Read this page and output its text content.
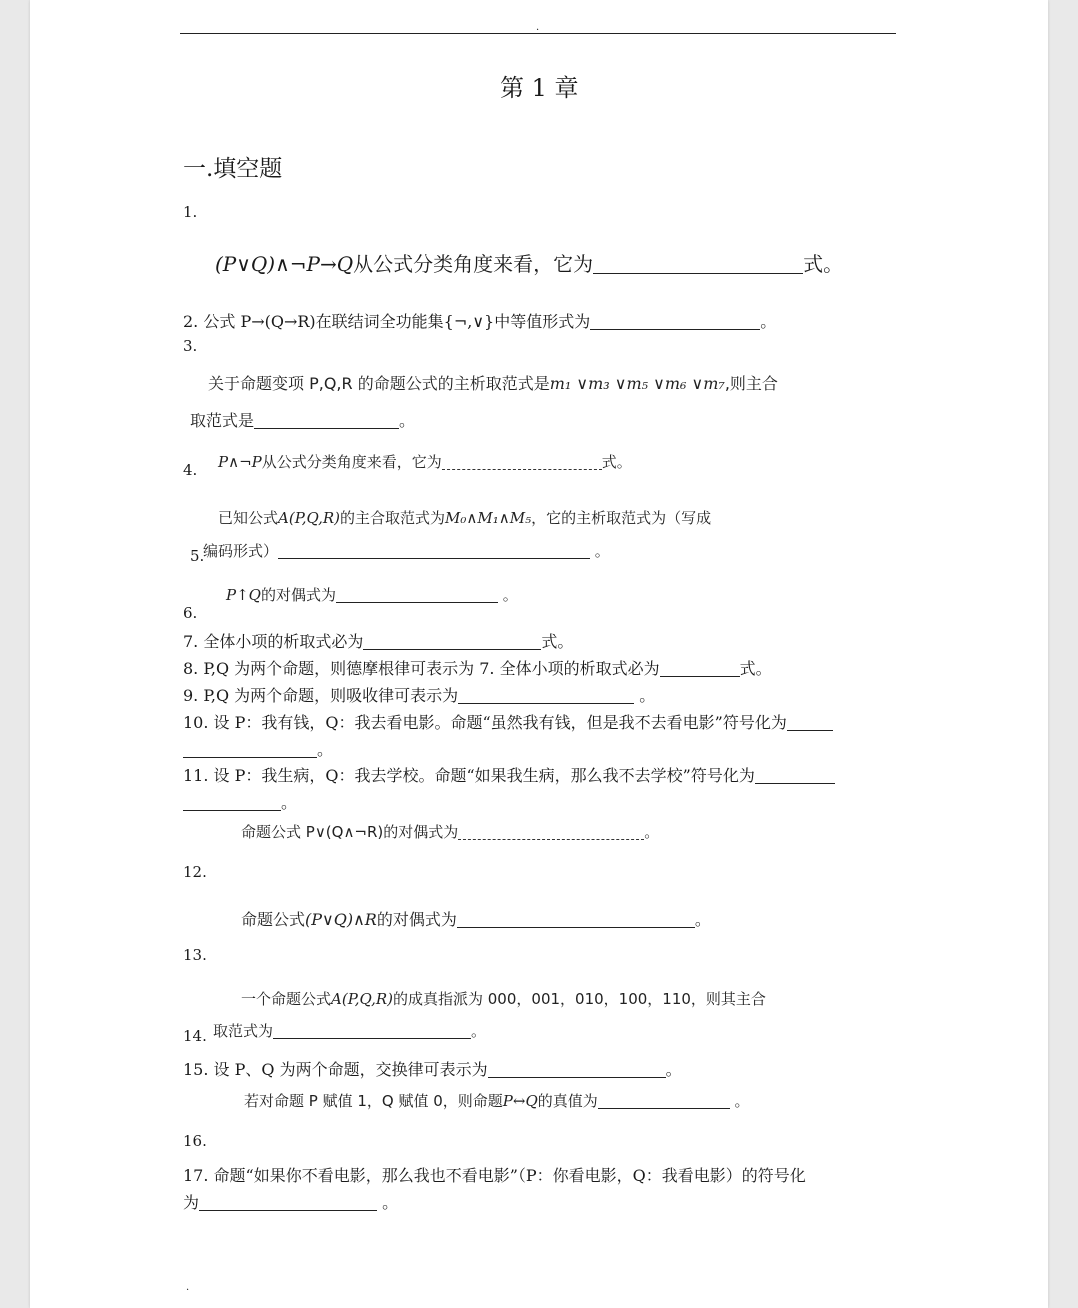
.
第 1 章
一.填空题
1.
(P∨Q)∧¬P→Q从公式分类角度来看，它为	式。
2. 公式 P→(Q→R)在联结词全功能集{¬,∨}中等值形式为	。
3.
关于命题变项 P,Q,R 的命题公式的主析取范式是m₁ ∨m₃ ∨m₅ ∨m₆ ∨m₇,则主合
取范式是	。
P∧¬P从公式分类角度来看，它为	式。
4.
已知公式A(P,Q,R)的主合取范式为M₀∧M₁∧M₅，它的主析取范式为（写成
5.
编码形式）	。
P↑Q的对偶式为	。
6.
7. 全体小项的析取式必为	式。
8. P,Q 为两个命题，则德摩根律可表示为 7. 全体小项的析取式必为	式。
9. P,Q 为两个命题，则吸收律可表示为	。
10. 设 P：我有钱，Q：我去看电影。命题“虽然我有钱，但是我不去看电影”符号化为
。
11. 设 P：我生病，Q：我去学校。命题“如果我生病，那么我不去学校”符号化为
。
命题公式 P∨(Q∧¬R)的对偶式为	。
12.
命题公式(P∨Q)∧R的对偶式为	。
13.
一个命题公式A(P,Q,R)的成真指派为 000，001，010，100，110，则其主合
14. 取范式为	。
15. 设 P、Q 为两个命题，交换律可表示为	。
若对命题 P 赋值 1，Q 赋值 0，则命题P↔Q的真值为	。
16.
17. 命题“如果你不看电影，那么我也不看电影”（P：你看电影，Q：我看电影）的符号化
为	。
.
